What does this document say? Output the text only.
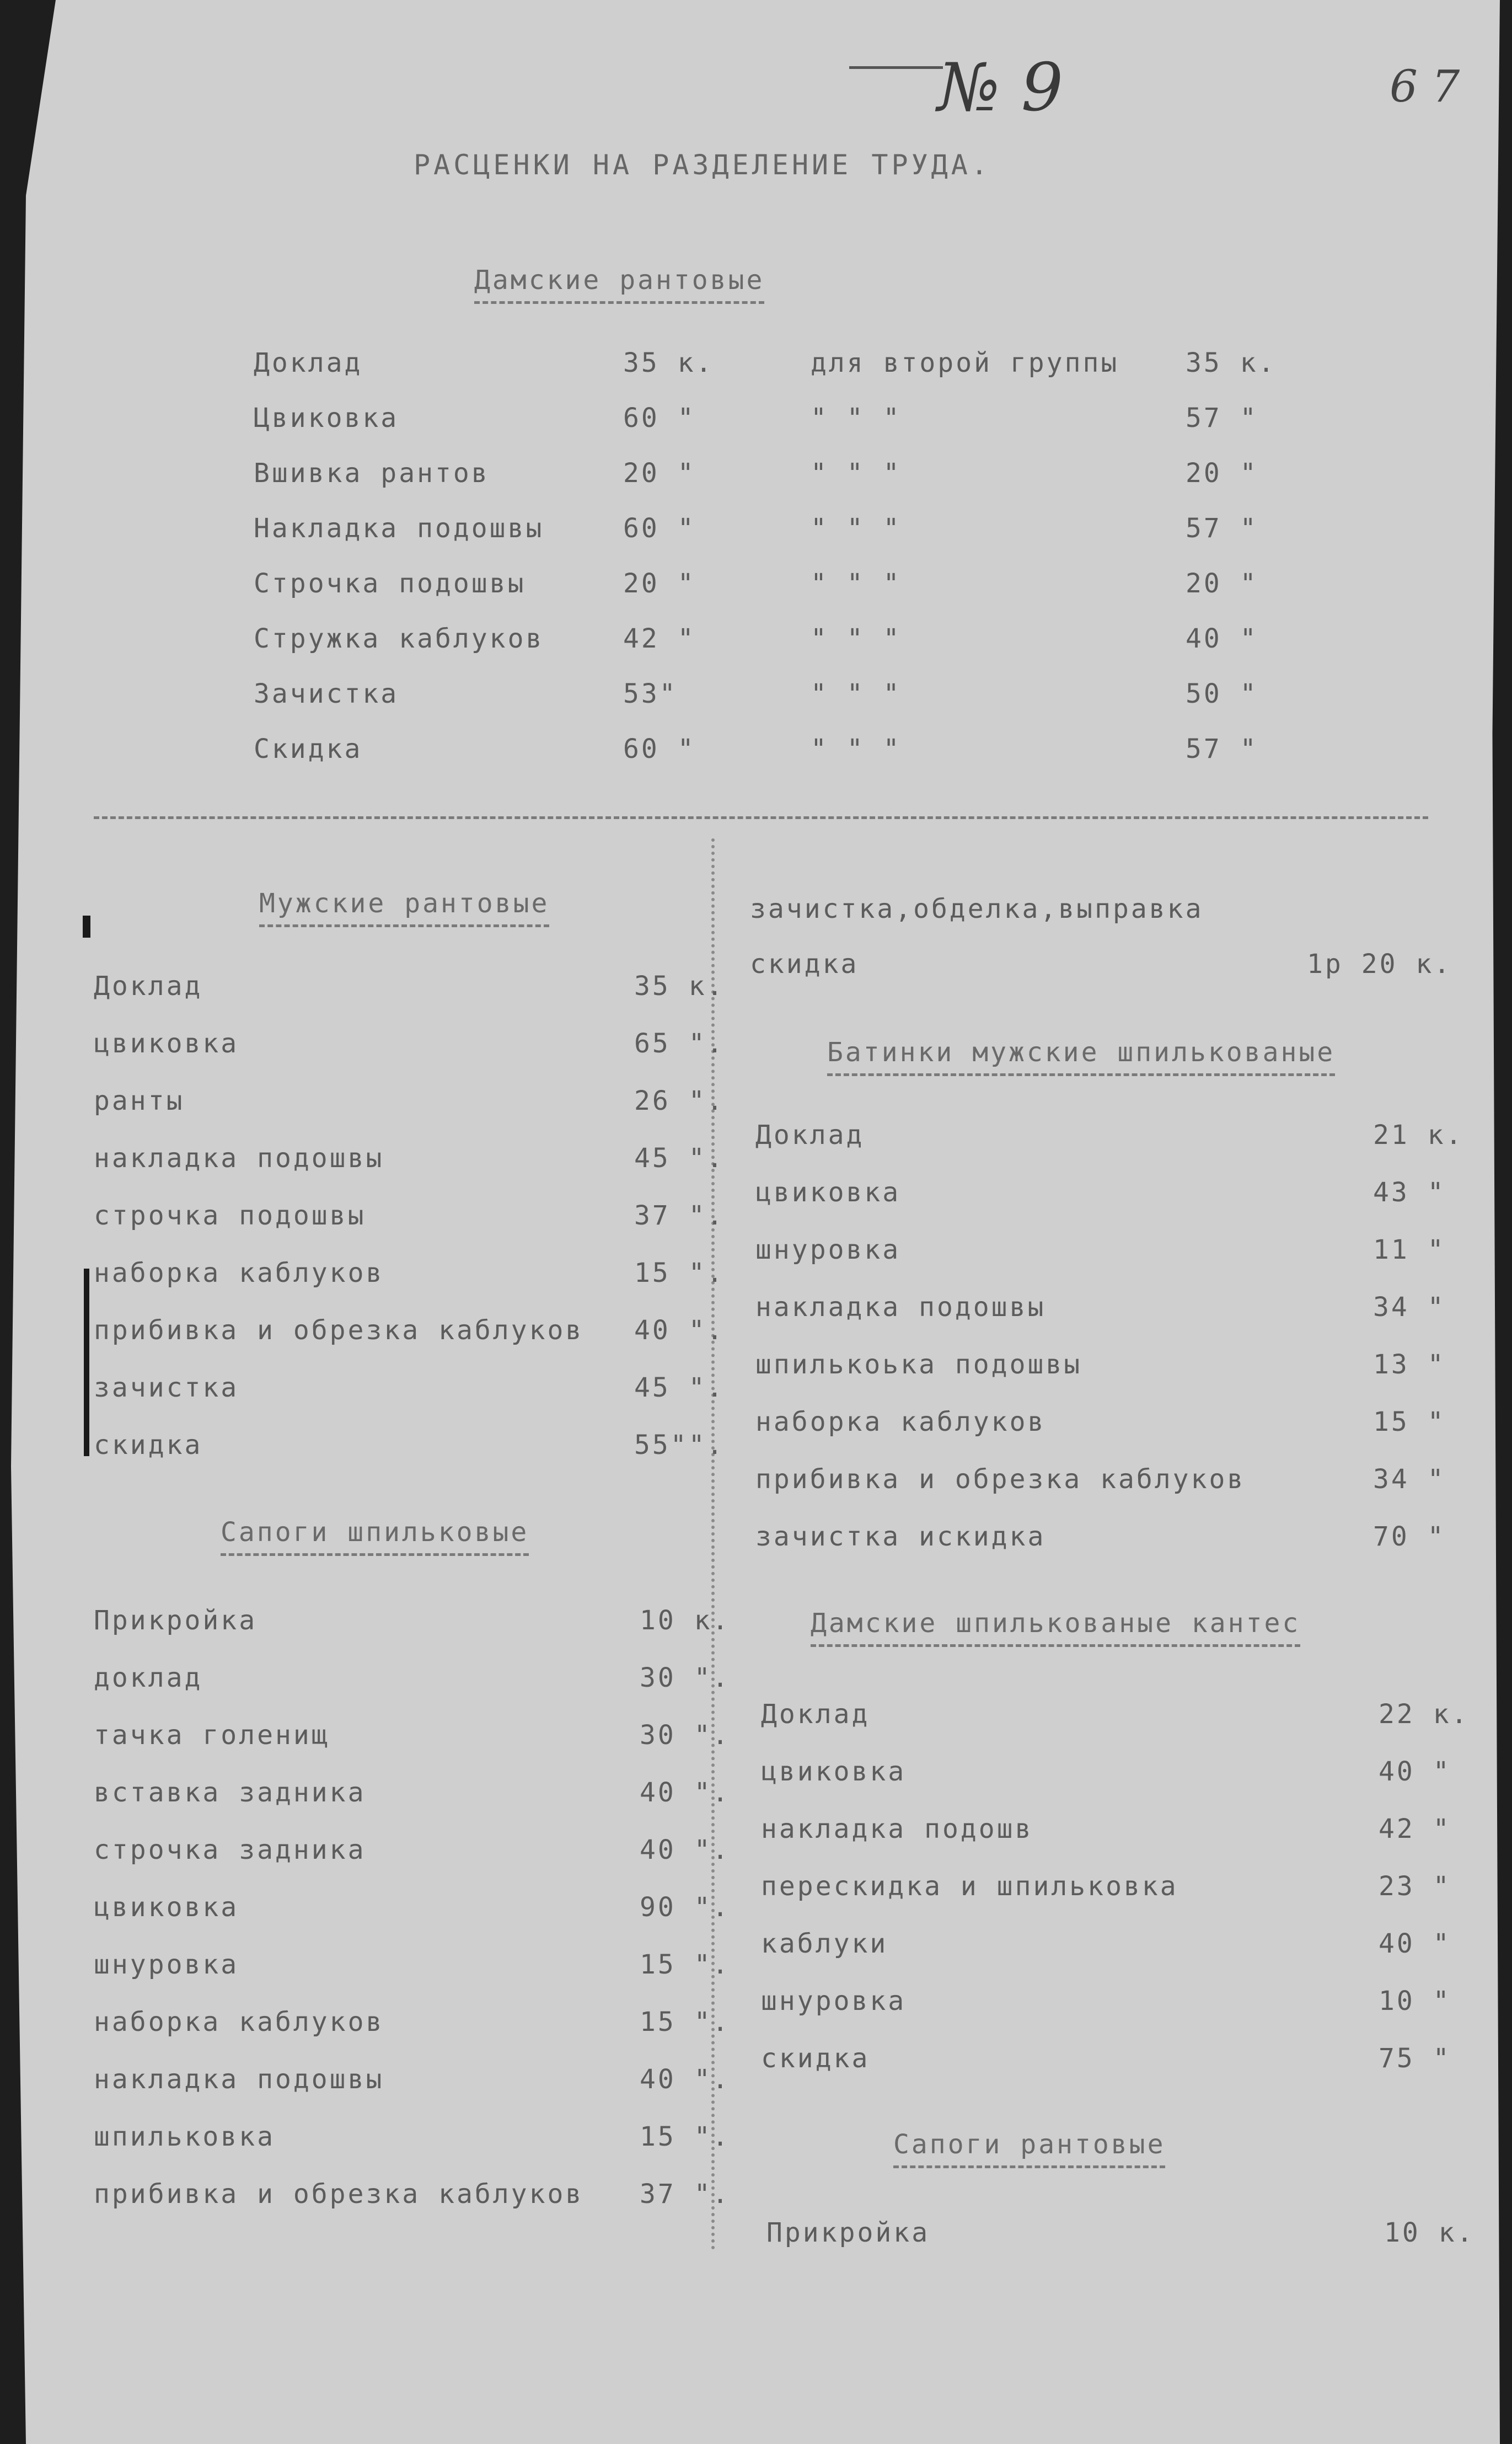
№ 9	6 7
РАСЦЕНКИ НА РАЗДЕЛЕНИЕ ТРУДА.
Дамские рантовые
Доклад	35 к.	для второй группы	35 к.
Цвиковка	60 "	" " "	57 "
Вшивка рантов	20 "	" " "	20 "
Накладка подошвы	60 "	" " "	57 "
Строчка подошвы	20 "	" " "	20 "
Стружка каблуков	42 "	" " "	40 "
Зачистка	53"	" " "	50 "
Скидка	60 "	" " "	57 "
Мужские рантовые
Доклад	35 к.
цвиковка	65 ".
ранты	26 ".
накладка подошвы	45 ".
строчка подошвы	37 ".
наборка каблуков	15 ".
прибивка и обрезка каблуков 40 ".
зачистка	45 ".
скидка	55"".
Сапоги шпильковые
Прикройка	10 к.
доклад	30 ".
тачка голенищ	30 ".
вставка задника	40 ".
строчка задника	40 ".
цвиковка	90 ".
шнуровка	15 ".
наборка каблуков	15 ".
накладка подошвы	40 ".
шпильковка	15 ".
прибивка и обрезка каблуков 37 ".
зачистка,обделка,выправка
скидка	1р 20 к.
Батинки мужские шпилькованые
Доклад	21 к.
цвиковка	43 "
шнуровка	11 "
накладка подошвы	34 "
шпилькоька подошвы	13 "
наборка каблуков	15 "
прибивка и обрезка каблуков	34 "
зачистка искидка	70 "
Дамские шпилькованые кантес
Доклад	22 к.
цвиковка	40 "
накладка подошв	42 "
перескидка и шпильковка	23 "
каблуки	40 "
шнуровка	10 "
скидка	75 "
Сапоги рантовые
Прикройка	10 к.
